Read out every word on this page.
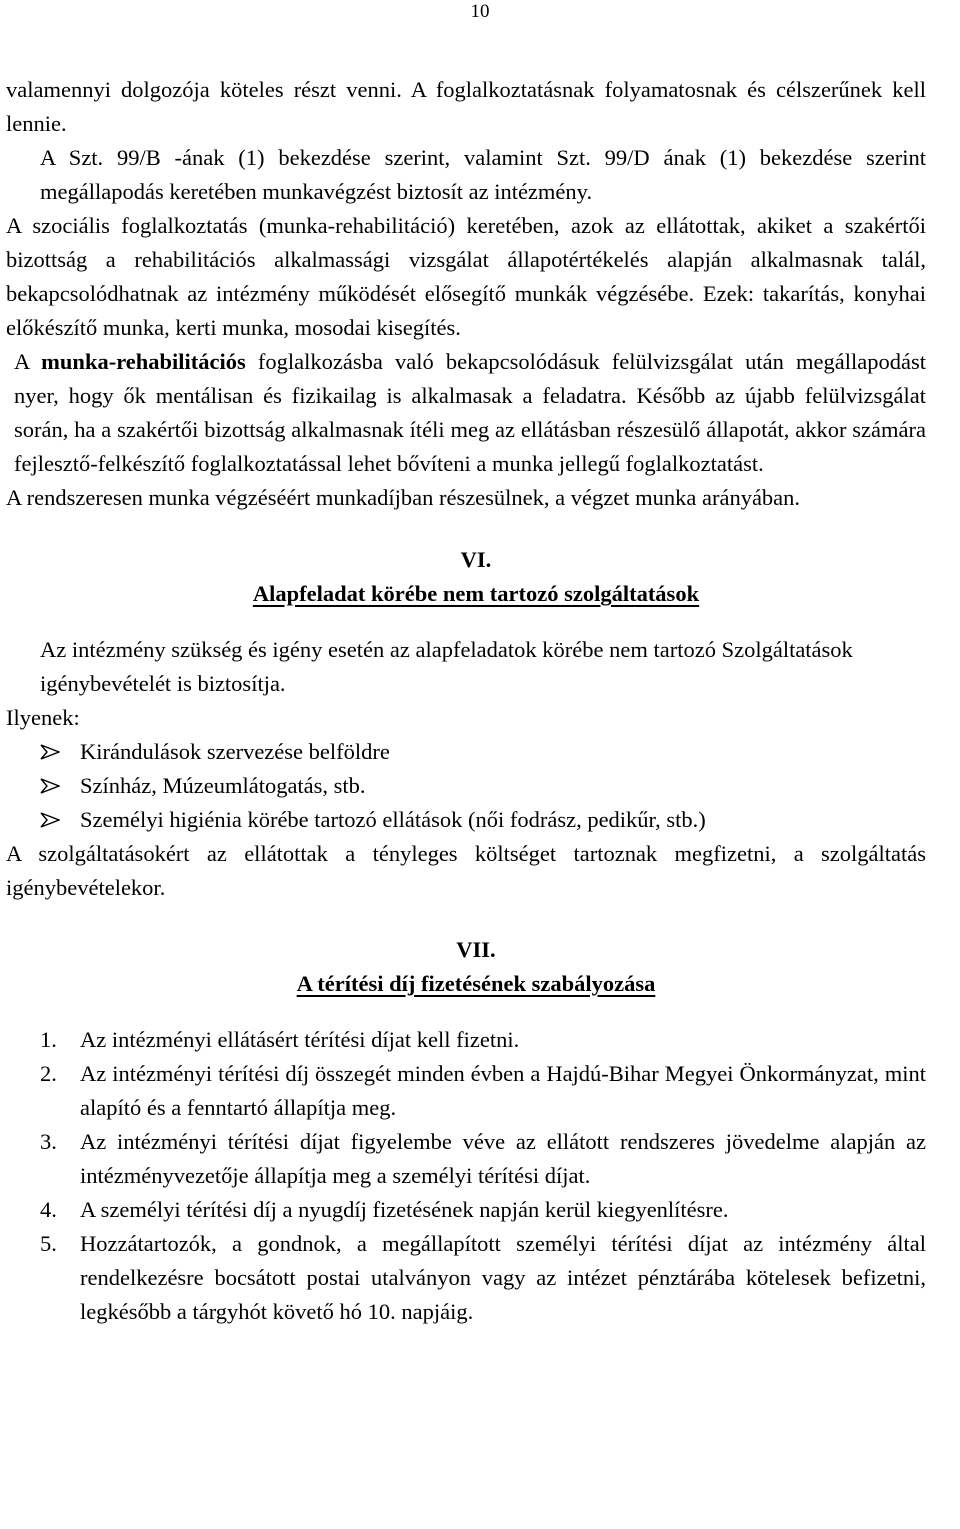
10

valamennyi dolgozója köteles részt venni. A foglalkoztatásnak folyamatosnak és célszerűnek kell lennie.

A Szt. 99/B -ának (1) bekezdése szerint, valamint Szt. 99/D ának (1) bekezdése szerint megállapodás keretében munkavégzést biztosít az intézmény.

A szociális foglalkoztatás (munka-rehabilitáció) keretében, azok az ellátottak, akiket a szakértői bizottság a rehabilitációs alkalmassági vizsgálat állapotértékelés alapján alkalmasnak talál, bekapcsolódhatnak az intézmény működését elősegítő munkák végzésébe. Ezek: takarítás, konyhai előkészítő munka, kerti munka, mosodai kisegítés.

A munka-rehabilitációs foglalkozásba való bekapcsolódásuk felülvizsgálat után megállapodást nyer, hogy ők mentálisan és fizikailag is alkalmasak a feladatra. Később az újabb felülvizsgálat során, ha a szakértői bizottság alkalmasnak ítéli meg az ellátásban részesülő állapotát, akkor számára fejlesztő-felkészítő foglalkoztatással lehet bővíteni a munka jellegű foglalkoztatást.

A rendszeresen munka végzéséért munkadíjban részesülnek, a végzet munka arányában.

VI.
Alapfeladat körébe nem tartozó szolgáltatások

Az intézmény szükség és igény esetén az alapfeladatok körébe nem tartozó Szolgáltatások igénybevételét is biztosítja.

Ilyenek:

Kirándulások szervezése belföldre
Színház, Múzeumlátogatás, stb.
Személyi higiénia körébe tartozó ellátások (női fodrász, pedikűr, stb.)

A szolgáltatásokért az ellátottak a tényleges költséget tartoznak megfizetni, a szolgáltatás igénybevételekor.

VII.
A térítési díj fizetésének szabályozása
1. Az intézményi ellátásért térítési díjat kell fizetni.
2. Az intézményi térítési díj összegét minden évben a Hajdú-Bihar Megyei Önkormányzat, mint alapító és a fenntartó állapítja meg.
3. Az intézményi térítési díjat figyelembe véve az ellátott rendszeres jövedelme alapján az intézményvezetője állapítja meg a személyi térítési díjat.
4. A személyi térítési díj a nyugdíj fizetésének napján kerül kiegyenlítésre.
5. Hozzátartozók, a gondnok, a megállapított személyi térítési díjat az intézmény által rendelkezésre bocsátott postai utalványon vagy az intézet pénztárába kötelesek befizetni, legkésőbb a tárgyhót követő hó 10. napjáig.
